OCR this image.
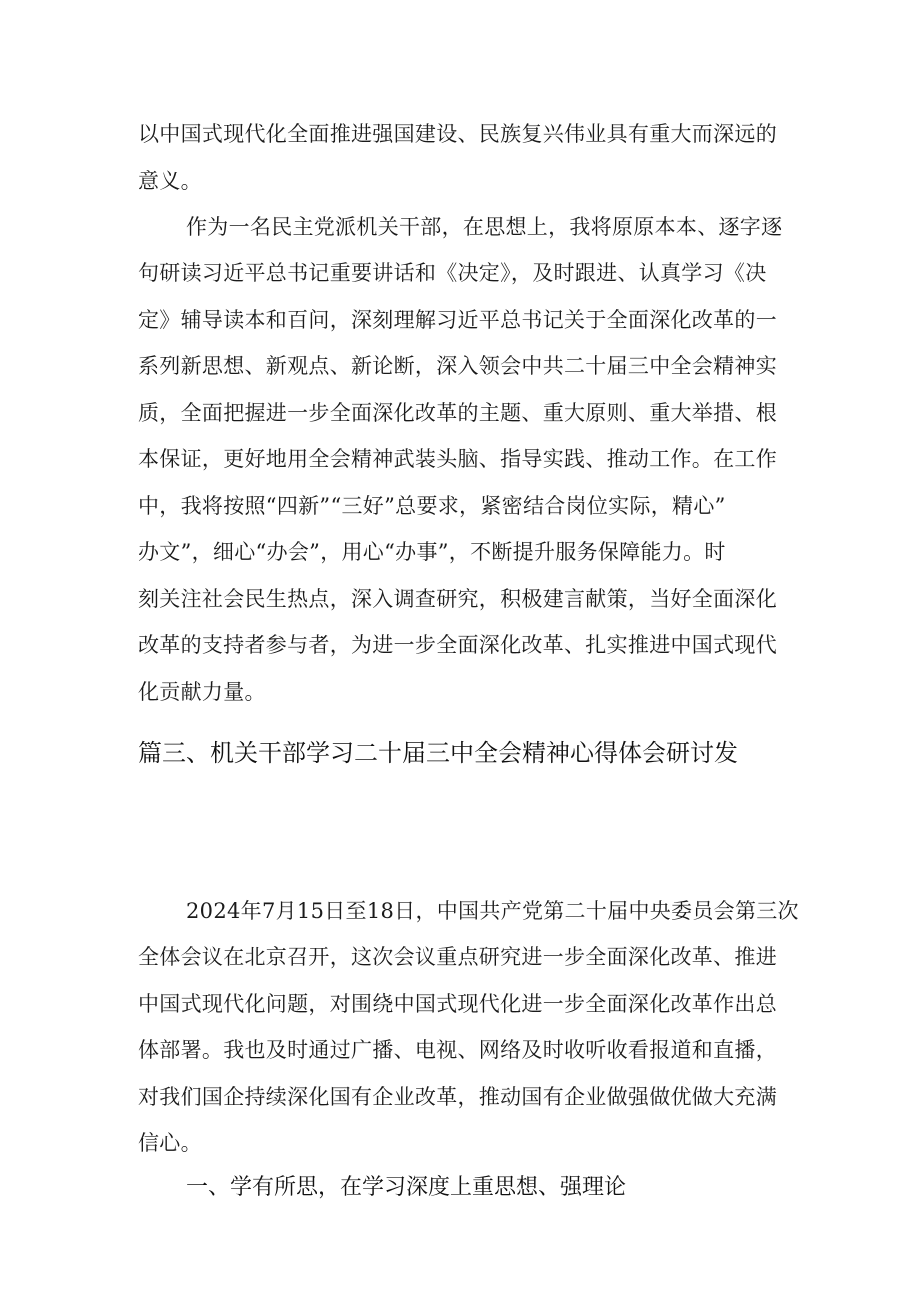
以中国式现代化全面推进强国建设、民族复兴伟业具有重大而深远的
意义。
作为一名民主党派机关干部，在思想上，我将原原本本、逐字逐
句研读习近平总书记重要讲话和《决定》，及时跟进、认真学习《决
定》辅导读本和百问，深刻理解习近平总书记关于全面深化改革的一
系列新思想、新观点、新论断，深入领会中共二十届三中全会精神实
质，全面把握进一步全面深化改革的主题、重大原则、重大举措、根
本保证，更好地用全会精神武装头脑、指导实践、推动工作。在工作
中，我将按照“四新”“三好”总要求，紧密结合岗位实际，精心”
办文”，细心“办会”，用心“办事”，不断提升服务保障能力。时
刻关注社会民生热点，深入调查研究，积极建言献策，当好全面深化
改革的支持者参与者，为进一步全面深化改革、扎实推进中国式现代
化贡献力量。
篇三、机关干部学习二十届三中全会精神心得体会研讨发
2024年7月15日至18日，中国共产党第二十届中央委员会第三次
全体会议在北京召开，这次会议重点研究进一步全面深化改革、推进
中国式现代化问题，对围绕中国式现代化进一步全面深化改革作出总
体部署。我也及时通过广播、电视、网络及时收听收看报道和直播，
对我们国企持续深化国有企业改革，推动国有企业做强做优做大充满
信心。
一、学有所思，在学习深度上重思想、强理论
